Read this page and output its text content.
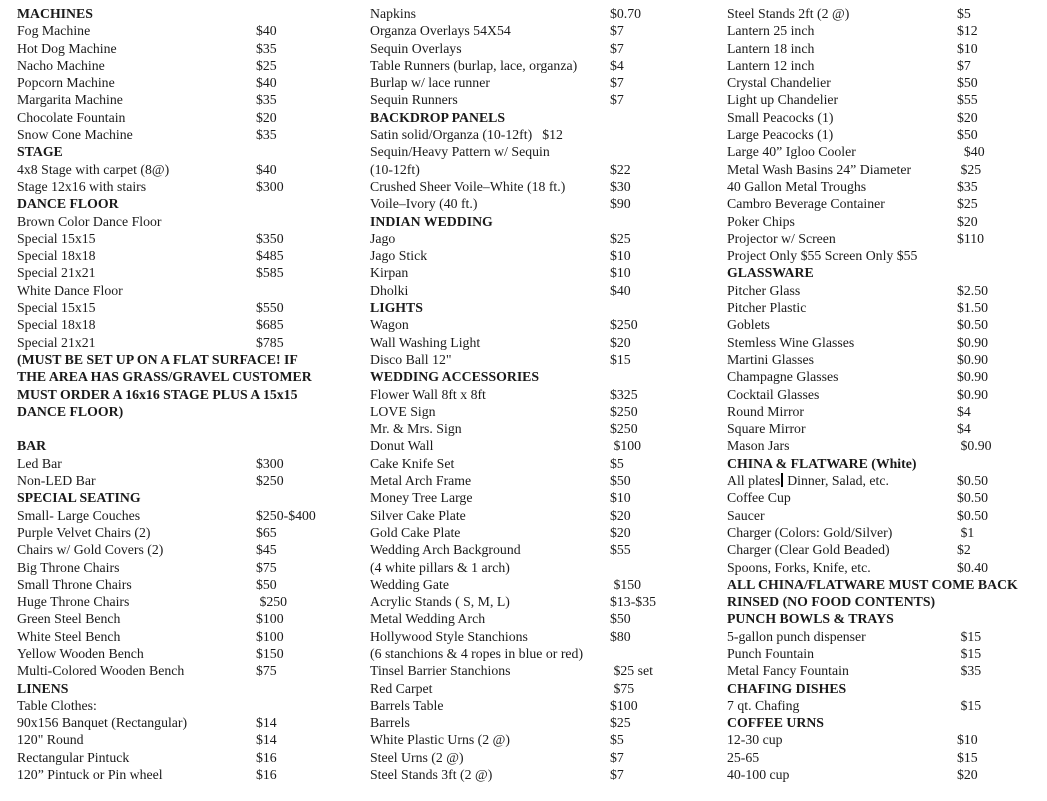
MACHINES
Fog Machine	$40
Hot Dog Machine	$35
Nacho Machine	$25
Popcorn Machine	$40
Margarita Machine	$35
Chocolate Fountain	$20
Snow Cone Machine	$35
STAGE
4x8 Stage with carpet (8@)	$40
Stage 12x16 with stairs	$300
DANCE FLOOR
Brown Color Dance Floor
Special 15x15	$350
Special 18x18	$485
Special 21x21	$585
White Dance Floor
Special 15x15	$550
Special 18x18	$685
Special 21x21	$785
(MUST BE SET UP ON A FLAT SURFACE! IF
THE AREA HAS GRASS/GRAVEL CUSTOMER
MUST ORDER A 16x16 STAGE PLUS A 15x15
DANCE FLOOR)
BAR
Led Bar	$300
Non-LED Bar	$250
SPECIAL SEATING
Small- Large Couches	$250-$400
Purple Velvet Chairs (2)	$65
Chairs w/ Gold Covers (2)	$45
Big Throne Chairs	$75
Small Throne Chairs	$50
Huge Throne Chairs	$250
Green Steel Bench	$100
White Steel Bench	$100
Yellow Wooden Bench	$150
Multi-Colored Wooden Bench	$75
LINENS
Table Clothes:
90x156 Banquet (Rectangular)	$14
120" Round	$14
Rectangular Pintuck	$16
120” Pintuck or Pin wheel	$16
Napkins	$0.70
Organza Overlays 54X54	$7
Sequin Overlays	$7
Table Runners (burlap, lace, organza) $4
Burlap w/ lace runner	$7
Sequin Runners	$7
BACKDROP PANELS
Satin solid/Organza (10-12ft) $12
Sequin/Heavy Pattern w/ Sequin
(10-12ft)	$22
Crushed Sheer Voile–White (18 ft.)	$30
Voile–Ivory (40 ft.)	$90
INDIAN WEDDING
Jago	$25
Jago Stick	$10
Kirpan	$10
Dholki	$40
LIGHTS
Wagon	$250
Wall Washing Light	$20
Disco Ball 12"	$15
WEDDING ACCESSORIES
Flower Wall 8ft x 8ft	$325
LOVE Sign	$250
Mr. & Mrs. Sign	$250
Donut Wall	$100
Cake Knife Set	$5
Metal Arch Frame	$50
Money Tree Large	$10
Silver Cake Plate	$20
Gold Cake Plate	$20
Wedding Arch Background	$55
(4 white pillars & 1 arch)
Wedding Gate	$150
Acrylic Stands ( S, M, L)	$13-$35
Metal Wedding Arch	$50
Hollywood Style Stanchions	$80
(6 stanchions & 4 ropes in blue or red)
Tinsel Barrier Stanchions	$25 set
Red Carpet	$75
Barrels Table	$100
Barrels	$25
White Plastic Urns (2 @)	$5
Steel Urns (2 @)	$7
Steel Stands 3ft (2 @)	$7
Steel Stands 2ft (2 @)	$5
Lantern 25 inch	$12
Lantern 18 inch	$10
Lantern 12 inch	$7
Crystal Chandelier	$50
Light up Chandelier	$55
Small Peacocks (1)	$20
Large Peacocks (1)	$50
Large 40” Igloo Cooler	$40
Metal Wash Basins 24” Diameter	$25
40 Gallon Metal Troughs	$35
Cambro Beverage Container	$25
Poker Chips	$20
Projector w/ Screen	$110
Project Only $55 Screen Only $55
GLASSWARE
Pitcher Glass	$2.50
Pitcher Plastic	$1.50
Goblets	$0.50
Stemless Wine Glasses	$0.90
Martini Glasses	$0.90
Champagne Glasses	$0.90
Cocktail Glasses	$0.90
Round Mirror	$4
Square Mirror	$4
Mason Jars	$0.90
CHINA & FLATWARE (White)
All plates Dinner, Salad, etc.	$0.50
Coffee Cup	$0.50
Saucer	$0.50
Charger (Colors: Gold/Silver)	$1
Charger (Clear Gold Beaded)	$2
Spoons, Forks, Knife, etc.	$0.40
ALL CHINA/FLATWARE MUST COME BACK
RINSED (NO FOOD CONTENTS)
PUNCH BOWLS & TRAYS
5-gallon punch dispenser	$15
Punch Fountain	$15
Metal Fancy Fountain	$35
CHAFING DISHES
7 qt. Chafing	$15
COFFEE URNS
12-30 cup	$10
25-65	$15
40-100 cup	$20
